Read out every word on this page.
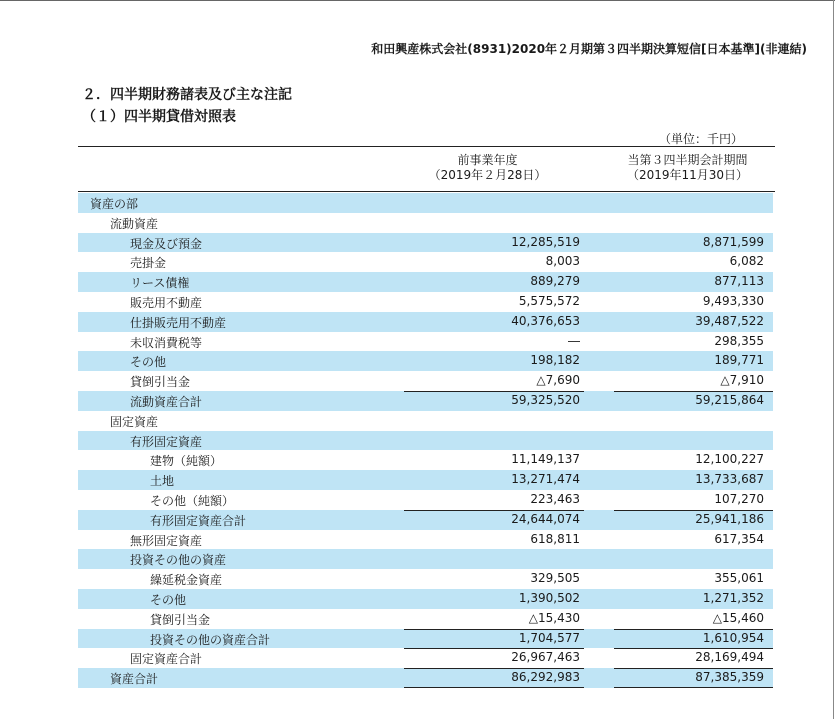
和田興産株式会社(8931)2020年２月期第３四半期決算短信[日本基準](非連結)
２．四半期財務諸表及び主な注記
（１）四半期貸借対照表
（単位：千円）
前事業年度
（2019年２月28日）
当第３四半期会計期間
（2019年11月30日）
資産の部
流動資産
現金及び預金	12,285,519	8,871,599
売掛金	8,003	6,082
リース債権	889,279	877,113
販売用不動産	5,575,572	9,493,330
仕掛販売用不動産	40,376,653	39,487,522
未収消費税等	―	298,355
その他	198,182	189,771
貸倒引当金	△7,690	△7,910
流動資産合計	59,325,520	59,215,864
固定資産
有形固定資産
建物（純額）	11,149,137	12,100,227
土地	13,271,474	13,733,687
その他（純額）	223,463	107,270
有形固定資産合計	24,644,074	25,941,186
無形固定資産	618,811	617,354
投資その他の資産
繰延税金資産	329,505	355,061
その他	1,390,502	1,271,352
貸倒引当金	△15,430	△15,460
投資その他の資産合計	1,704,577	1,610,954
固定資産合計	26,967,463	28,169,494
資産合計	86,292,983	87,385,359
